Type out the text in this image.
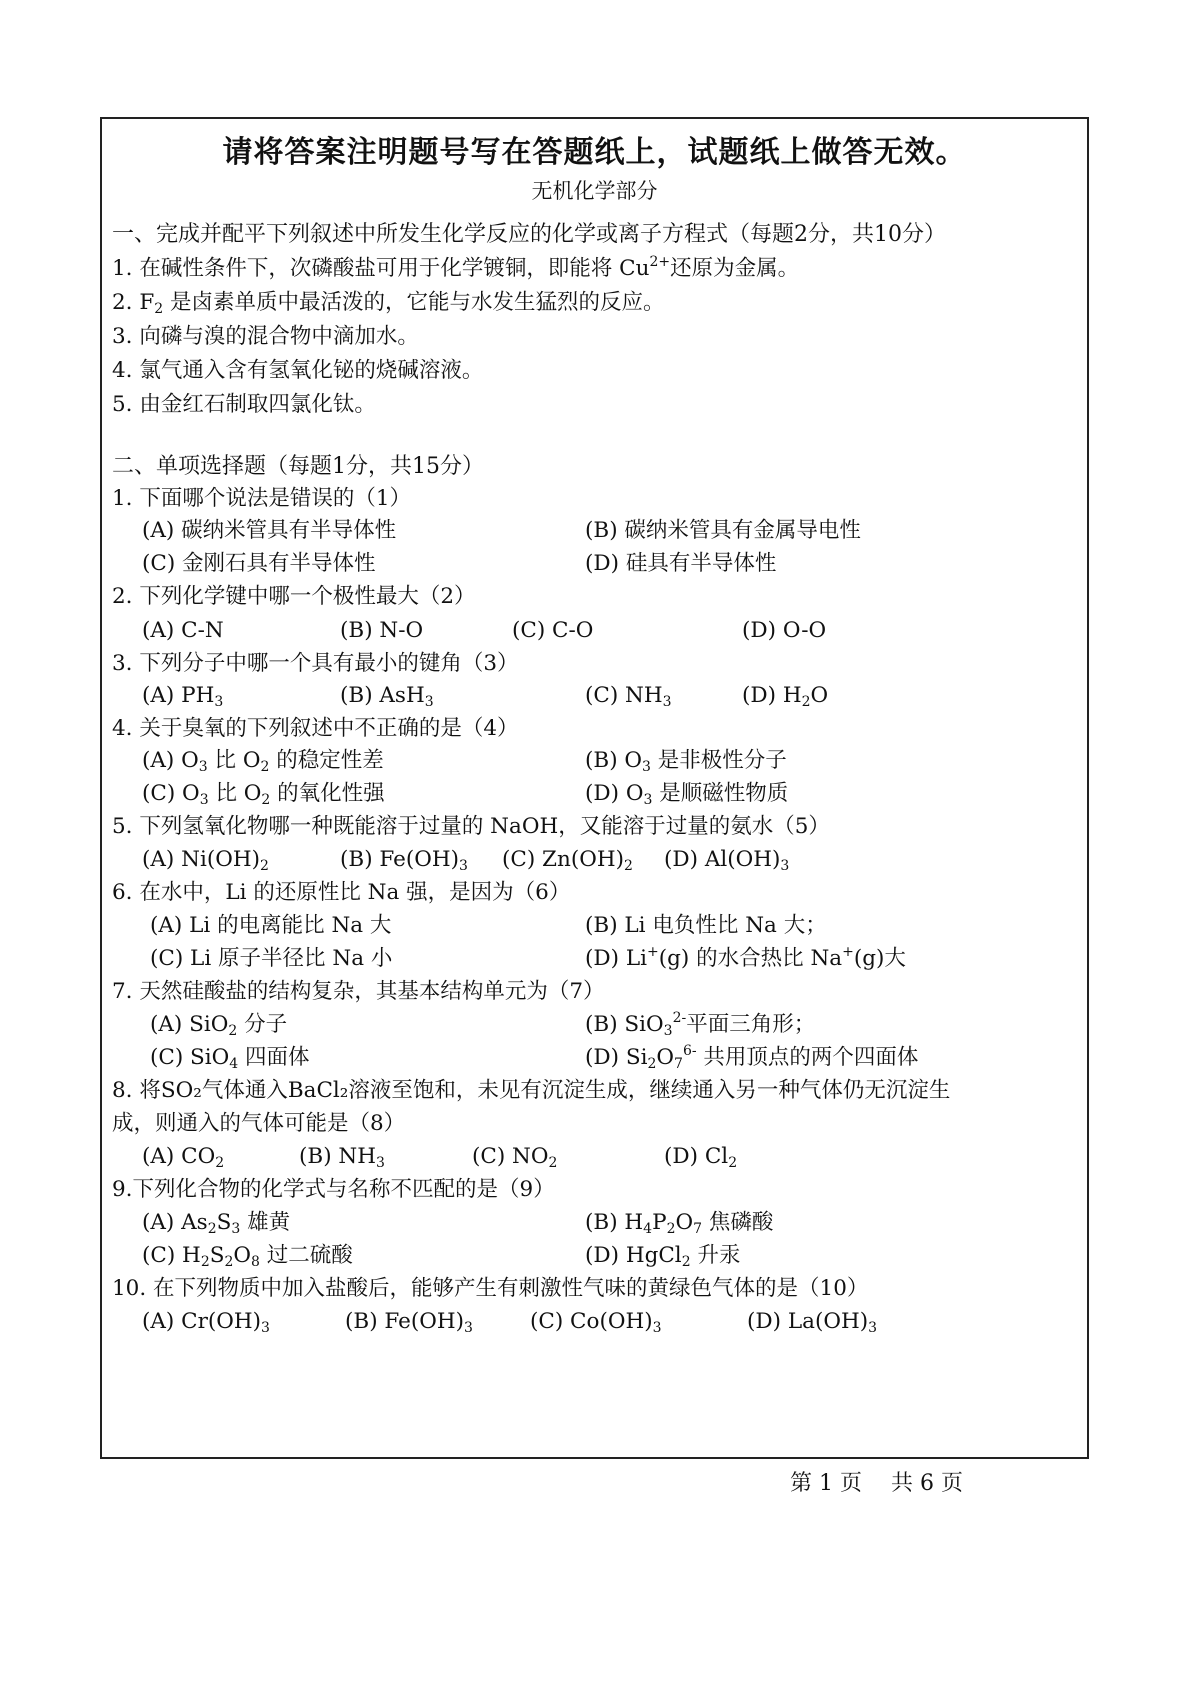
请将答案注明题号写在答题纸上，试题纸上做答无效。
无机化学部分
一、完成并配平下列叙述中所发生化学反应的化学或离子方程式（每题2分，共10分）
1. 在碱性条件下，次磷酸盐可用于化学镀铜，即能将 $Cu^{2+}$还原为金属。
2. $F_2$ 是卤素单质中最活泼的，它能与水发生猛烈的反应。
3. 向磷与溴的混合物中滴加水。
4. 氯气通入含有氢氧化铋的烧碱溶液。
5. 由金红石制取四氯化钛。
二、单项选择题（每题1分，共15分）
1. 下面哪个说法是错误的（1）
(A) 碳纳米管具有半导体性	(B) 碳纳米管具有金属导电性
(C) 金刚石具有半导体性	(D) 硅具有半导体性
2. 下列化学键中哪一个极性最大（2）
(A) C-N	(B) N-O	(C) C-O	(D) O-O
3. 下列分子中哪一个具有最小的键角（3）
(A) $PH_3$	(B) AsH$_3$	(C) $NH_3$	(D) $H_2O$
4. 关于臭氧的下列叙述中不正确的是（4）
(A) $O_3$ 比 $O_2$ 的稳定性差	(B) $O_3$ 是非极性分子
(C) $O_3$ 比 $O_2$ 的氧化性强	(D) $O_3$ 是顺磁性物质
5. 下列氢氧化物哪一种既能溶于过量的 NaOH，又能溶于过量的氨水（5）
(A) $Ni(OH)_2$	(B) $Fe(OH)_3$ (C) $Zn(OH)_2$ (D) $Al(OH)_3$
6. 在水中，Li 的还原性比 Na 强，是因为（6）
(A) Li 的电离能比 Na 大	(B) Li 电负性比 Na 大；
(C) Li 原子半径比 Na 小	(D) Li+(g) 的水合热比 Na+(g)大
7. 天然硅酸盐的结构复杂，其基本结构单元为（7）
(A) SiO$_2$ 分子	(B) SiO$_3^{2-}$平面三角形；
(C) SiO$_4$ 四面体	(D) $Si_2O_7^{6-}$ 共用顶点的两个四面体
8. 将SO₂气体通入BaCl₂溶液至饱和，未见有沉淀生成，继续通入另一种气体仍无沉淀生
成，则通入的气体可能是（8）
(A) $CO_2$	(B) $NH_3$	(C) $NO_2$	(D) $Cl_2$
9.下列化合物的化学式与名称不匹配的是（9）
(A) $As_2S_3$ 雄黄	(B) $H_4P_2O_7$ 焦磷酸
(C) $H_2S_2O_8$ 过二硫酸	(D) HgCl$_2$ 升汞
10. 在下列物质中加入盐酸后，能够产生有刺激性气味的黄绿色气体的是（10）
(A) $Cr(OH)_3$	(B) $Fe(OH)_3$	(C) $Co(OH)_3$	(D) $La(OH)_3$
第 1 页　 共 6 页
